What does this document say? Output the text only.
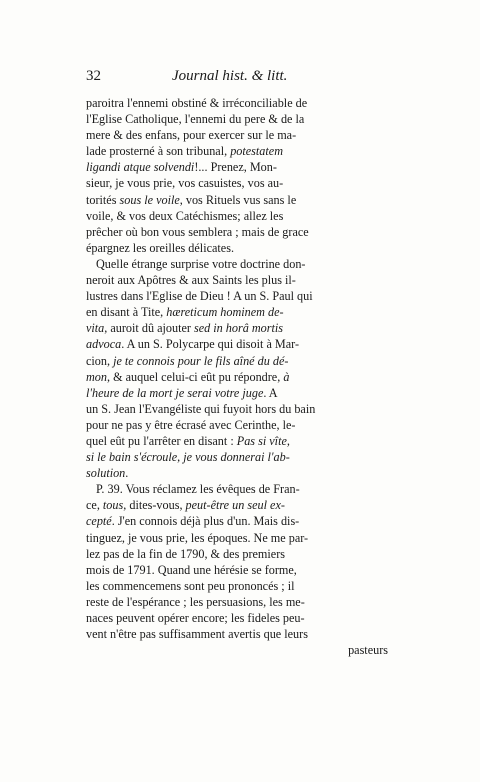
32	Journal hist. & litt.
paroitra l'ennemi obstiné & irréconciliable de
l'Eglise Catholique, l'ennemi du pere & de la
mere & des enfans, pour exercer sur le ma-
lade prosterné à son tribunal, potestatem
ligandi atque solvendi!... Prenez, Mon-
sieur, je vous prie, vos casuistes, vos au-
torités sous le voile, vos Rituels vus sans le
voile, & vos deux Catéchismes; allez les
prêcher où bon vous semblera ; mais de grace
épargnez les oreilles délicates.
Quelle étrange surprise votre doctrine don-
neroit aux Apôtres & aux Saints les plus il-
lustres dans l'Eglise de Dieu ! A un S. Paul qui
en disant à Tite, hæreticum hominem de-
vita, auroit dû ajouter sed in horâ mortis
advoca. A un S. Polycarpe qui disoit à Mar-
cion, je te connois pour le fils aîné du dé-
mon, & auquel celui-ci eût pu répondre, à
l'heure de la mort je serai votre juge. A
un S. Jean l'Evangéliste qui fuyoit hors du bain
pour ne pas y être écrasé avec Cerinthe, le-
quel eût pu l'arrêter en disant : Pas si vîte,
si le bain s'écroule, je vous donnerai l'ab-
solution.
P. 39. Vous réclamez les évêques de Fran-
ce, tous, dites-vous, peut-être un seul ex-
cepté. J'en connois déjà plus d'un. Mais dis-
tinguez, je vous prie, les époques. Ne me par-
lez pas de la fin de 1790, & des premiers
mois de 1791. Quand une hérésie se forme,
les commencemens sont peu prononcés ; il
reste de l'espérance ; les persuasions, les me-
naces peuvent opérer encore; les fideles peu-
vent n'être pas suffisamment avertis que leurs
pasteurs
